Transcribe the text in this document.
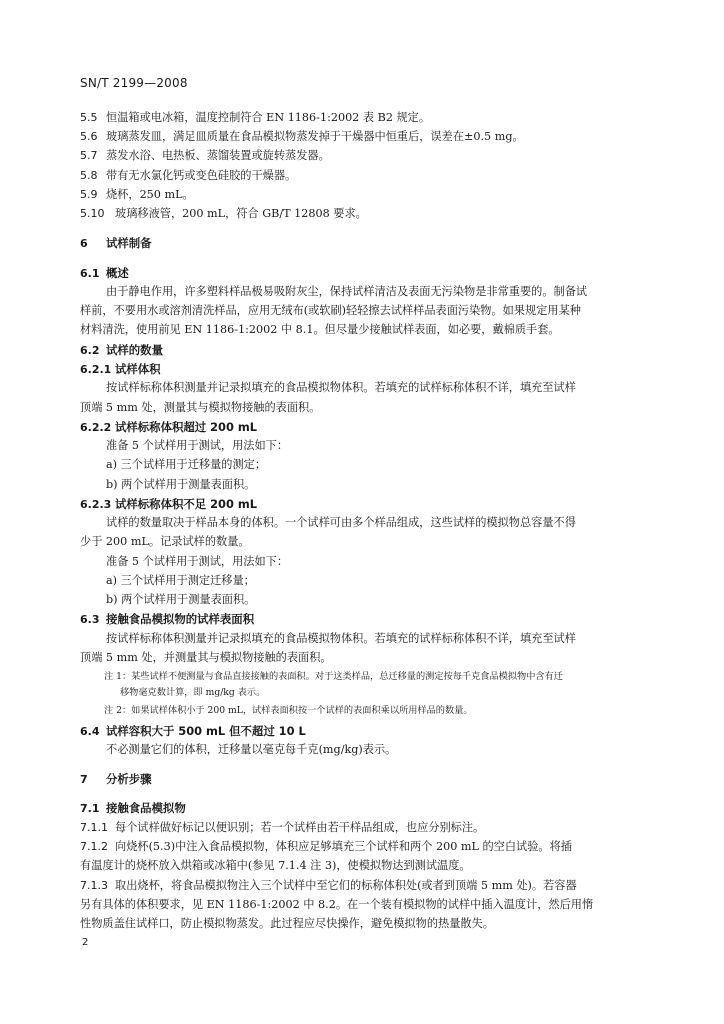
SN/T 2199—2008
5.5 恒温箱或电冰箱，温度控制符合 EN 1186-1:2002 表 B2 规定。
5.6 玻璃蒸发皿，满足皿质量在食品模拟物蒸发掉于干燥器中恒重后，误差在±0.5 mg。
5.7 蒸发水浴、电热板、蒸馏装置或旋转蒸发器。
5.8 带有无水氯化钙或变色硅胶的干燥器。
5.9 烧杯，250 mL。
5.10 玻璃移液管，200 mL，符合 GB/T 12808 要求。
6 试样制备
6.1 概述
由于静电作用，许多塑料样品极易吸附灰尘，保持试样清洁及表面无污染物是非常重要的。制备试
样前，不要用水或溶剂清洗样品，应用无绒布(或软刷)轻轻擦去试样样品表面污染物。如果规定用某种
材料清洗，使用前见 EN 1186-1:2002 中 8.1。但尽量少接触试样表面，如必要，戴棉质手套。
6.2 试样的数量
6.2.1 试样体积
按试样标称体积测量并记录拟填充的食品模拟物体积。若填充的试样标称体积不详，填充至试样
顶端 5 mm 处，测量其与模拟物接触的表面积。
6.2.2 试样标称体积超过 200 mL
准备 5 个试样用于测试，用法如下：
a) 三个试样用于迁移量的测定；
b) 两个试样用于测量表面积。
6.2.3 试样标称体积不足 200 mL
试样的数量取决于样品本身的体积。一个试样可由多个样品组成，这些试样的模拟物总容量不得
少于 200 mL。记录试样的数量。
准备 5 个试样用于测试，用法如下：
a) 三个试样用于测定迁移量；
b) 两个试样用于测量表面积。
6.3 接触食品模拟物的试样表面积
按试样标称体积测量并记录拟填充的食品模拟物体积。若填充的试样标称体积不详，填充至试样
顶端 5 mm 处，并测量其与模拟物接触的表面积。
注 1：某些试样不便测量与食品直接接触的表面积。对于这类样品，总迁移量的测定按每千克食品模拟物中含有迁
移物毫克数计算，即 mg/kg 表示。
注 2：如果试样体积小于 200 mL，试样表面积按一个试样的表面积乘以所用样品的数量。
6.4 试样容积大于 500 mL 但不超过 10 L
不必测量它们的体积，迁移量以毫克每千克(mg/kg)表示。
7 分析步骤
7.1 接触食品模拟物
7.1.1 每个试样做好标记以便识别；若一个试样由若干样品组成，也应分别标注。
7.1.2 向烧杯(5.3)中注入食品模拟物，体积应足够填充三个试样和两个 200 mL 的空白试验。将插
有温度计的烧杯放入烘箱或冰箱中(参见 7.1.4 注 3)，使模拟物达到测试温度。
7.1.3 取出烧杯，将食品模拟物注入三个试样中至它们的标称体积处(或者到顶端 5 mm 处)。若容器
另有具体的体积要求，见 EN 1186-1:2002 中 8.2。在一个装有模拟物的试样中插入温度计，然后用惰
性物质盖住试样口，防止模拟物蒸发。此过程应尽快操作，避免模拟物的热量散失。
2
